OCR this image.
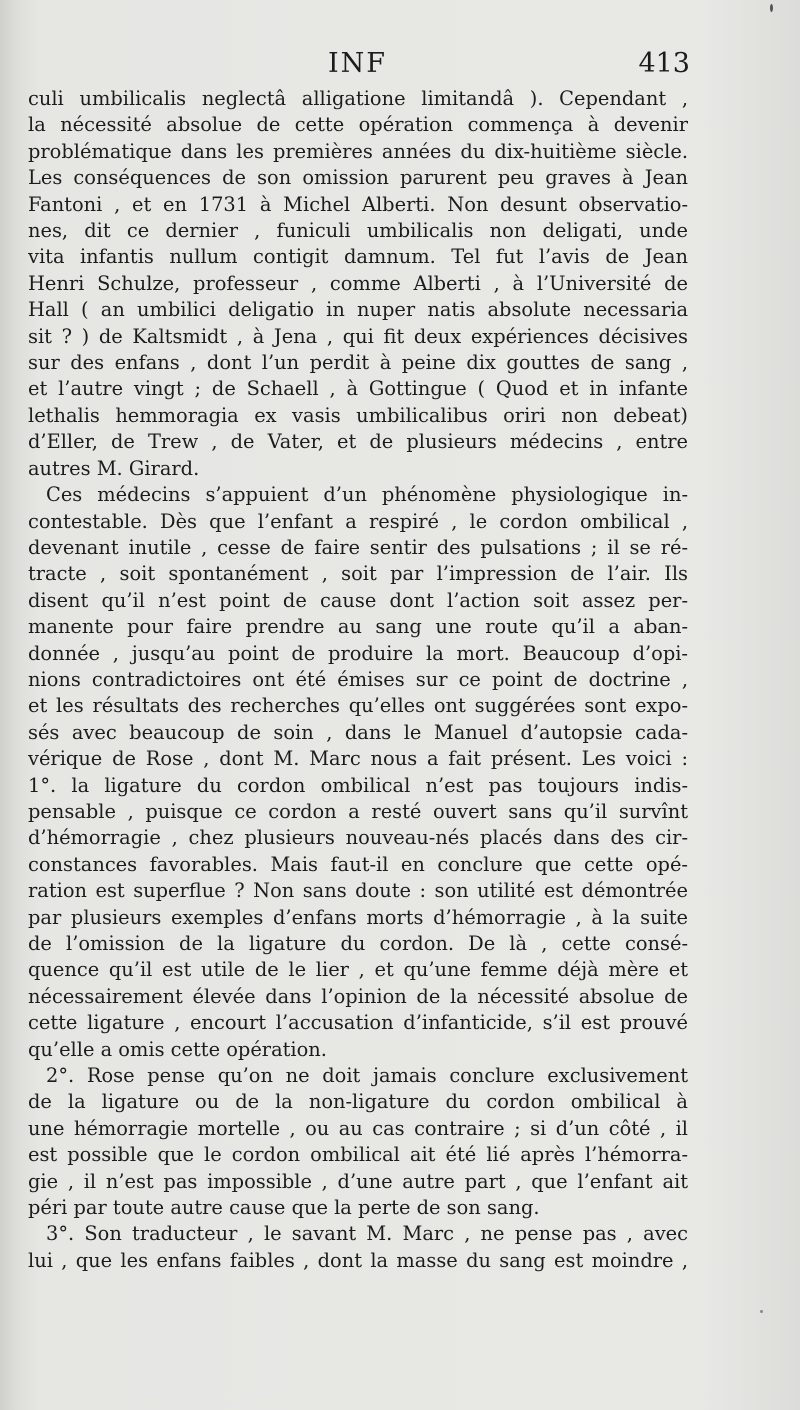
INF	413
culi umbilicalis neglectâ alligatione limitandâ ). Cependant ,
la nécessité absolue de cette opération commença à devenir
problématique dans les premières années du dix-huitième siècle.
Les conséquences de son omission parurent peu graves à Jean
Fantoni , et en 1731 à Michel Alberti. Non desunt observatio-
nes, dit ce dernier , funiculi umbilicalis non deligati, unde
vita infantis nullum contigit damnum. Tel fut l’avis de Jean
Henri Schulze, professeur , comme Alberti , à l’Université de
Hall ( an umbilici deligatio in nuper natis absolute necessaria
sit ? ) de Kaltsmidt , à Jena , qui fit deux expériences décisives
sur des enfans , dont l’un perdit à peine dix gouttes de sang ,
et l’autre vingt ; de Schaell , à Gottingue ( Quod et in infante
lethalis hemmoragia ex vasis umbilicalibus oriri non debeat)
d’Eller, de Trew , de Vater, et de plusieurs médecins , entre
autres M. Girard.
Ces médecins s’appuient d’un phénomène physiologique in-
contestable. Dès que l’enfant a respiré , le cordon ombilical ,
devenant inutile , cesse de faire sentir des pulsations ; il se ré-
tracte , soit spontanément , soit par l’impression de l’air. Ils
disent qu’il n’est point de cause dont l’action soit assez per-
manente pour faire prendre au sang une route qu’il a aban-
donnée , jusqu’au point de produire la mort. Beaucoup d’opi-
nions contradictoires ont été émises sur ce point de doctrine ,
et les résultats des recherches qu’elles ont suggérées sont expo-
sés avec beaucoup de soin , dans le Manuel d’autopsie cada-
vérique de Rose , dont M. Marc nous a fait présent. Les voici :
1°. la ligature du cordon ombilical n’est pas toujours indis-
pensable , puisque ce cordon a resté ouvert sans qu’il survînt
d’hémorragie , chez plusieurs nouveau-nés placés dans des cir-
constances favorables. Mais faut-il en conclure que cette opé-
ration est superflue ? Non sans doute : son utilité est démontrée
par plusieurs exemples d’enfans morts d’hémorragie , à la suite
de l’omission de la ligature du cordon. De là , cette consé-
quence qu’il est utile de le lier , et qu’une femme déjà mère et
nécessairement élevée dans l’opinion de la nécessité absolue de
cette ligature , encourt l’accusation d’infanticide, s’il est prouvé
qu’elle a omis cette opération.
2°. Rose pense qu’on ne doit jamais conclure exclusivement
de la ligature ou de la non-ligature du cordon ombilical à
une hémorragie mortelle , ou au cas contraire ; si d’un côté , il
est possible que le cordon ombilical ait été lié après l’hémorra-
gie , il n’est pas impossible , d’une autre part , que l’enfant ait
péri par toute autre cause que la perte de son sang.
3°. Son traducteur , le savant M. Marc , ne pense pas , avec
lui , que les enfans faibles , dont la masse du sang est moindre ,
